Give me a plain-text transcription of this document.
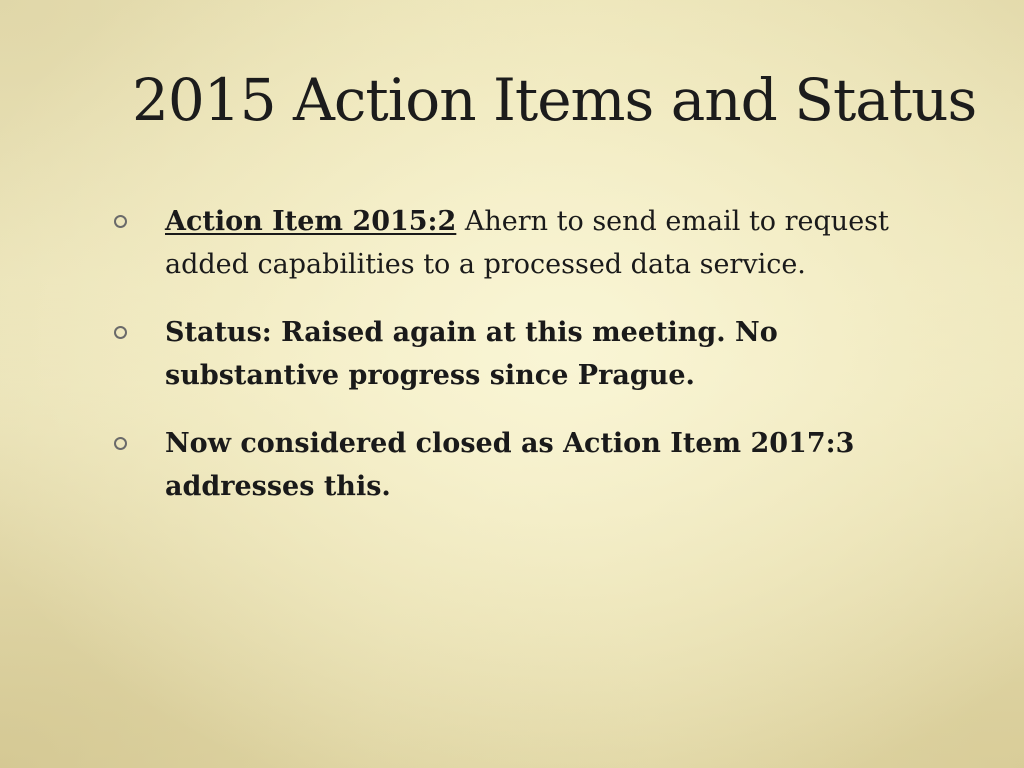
2015 Action Items and Status
Action Item 2015:2 Ahern to send email to request added capabilities to a processed data service.
Status: Raised again at this meeting. No substantive progress since Prague.
Now considered closed as Action Item 2017:3 addresses this.
